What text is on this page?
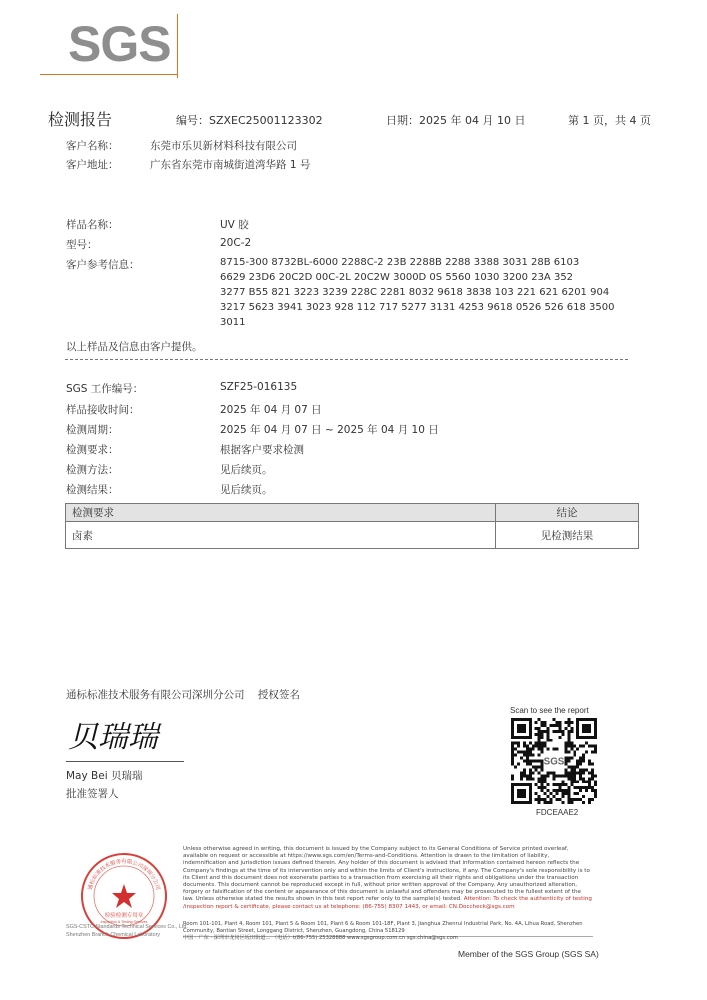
SGS
检测报告	编号：SZXEC25001123302	日期：2025 年 04 月 10 日	第 1 页，共 4 页
客户名称：	东莞市乐贝新材料科技有限公司
客户地址：	广东省东莞市南城街道湾华路 1 号
样品名称：	UV 胶
型号：	20C-2
客户参考信息：	8715-300 8732BL-6000 2288C-2 23B 2288B 2288 3388 3031 28B 6103
6629 23D6 20C2D 00C-2L 20C2W 3000D 0S 5560 1030 3200 23A 352
3277 B55 821 3223 3239 228C 2281 8032 9618 3838 103 221 621 6201 904
3217 5623 3941 3023 928 112 717 5277 3131 4253 9618 0526 526 618 3500
3011
以上样品及信息由客户提供。
SGS 工作编号：	SZF25-016135
样品接收时间：	2025 年 04 月 07 日
检测周期：	2025 年 04 月 07 日 ~ 2025 年 04 月 10 日
检测要求：	根据客户要求检测
检测方法：	见后续页。
检测结果：	见后续页。
检测要求	结论
卤素	见检测结果
通标标准技术服务有限公司深圳分公司    授权签名
贝瑞瑞
May Bei 贝瑞瑞
批准签署人
Scan to see the report
SGS
FDCEAAE2
检验检测专用章
Inspection & Testing Services
通标标准技术服务有限公司深圳分公司
SGS-CSTC Standards Technical Services Co., Ltd.
Shenzhen Branch Chemical Laboratory
Unless otherwise agreed in writing, this document is issued by the Company subject to its General Conditions of Service printed overleaf, available on request or accessible at https://www.sgs.com/en/Terms-and-Conditions. Attention is drawn to the limitation of liability, indemnification and jurisdiction issues defined therein. Any holder of this document is advised that information contained hereon reflects the Company's findings at the time of its intervention only and within the limits of Client's instructions, if any. The Company's sole responsibility is to its Client and this document does not exonerate parties to a transaction from exercising all their rights and obligations under the transaction documents. This document cannot be reproduced except in full, without prior written approval of the Company. Any unauthorized alteration, forgery or falsification of the content or appearance of this document is unlawful and offenders may be prosecuted to the fullest extent of the law. Unless otherwise stated the results shown in this test report refer only to the sample(s) tested. Attention: To check the authenticity of testing /inspection report & certificate, please contact us at telephone: (86-755) 8307 1443, or email: CN.Doccheck@sgs.com
Room 101-101, Plant 4, Room 101, Plant 5 & Room 101, Plant 6 & Room 101-18F, Plant 3, Jianghua Zhenrui Industrial Park, No. 4A, Lihua Road, Shenzhen Community, Bantian Street, Longgang District, Shenzhen, Guangdong, China 518129
中国 · 广东 · 深圳市龙岗区坂田街道... （电话）t(86-755) 25328888 www.sgsgroup.com.cn sgs.china@sgs.com
Member of the SGS Group (SGS SA)
